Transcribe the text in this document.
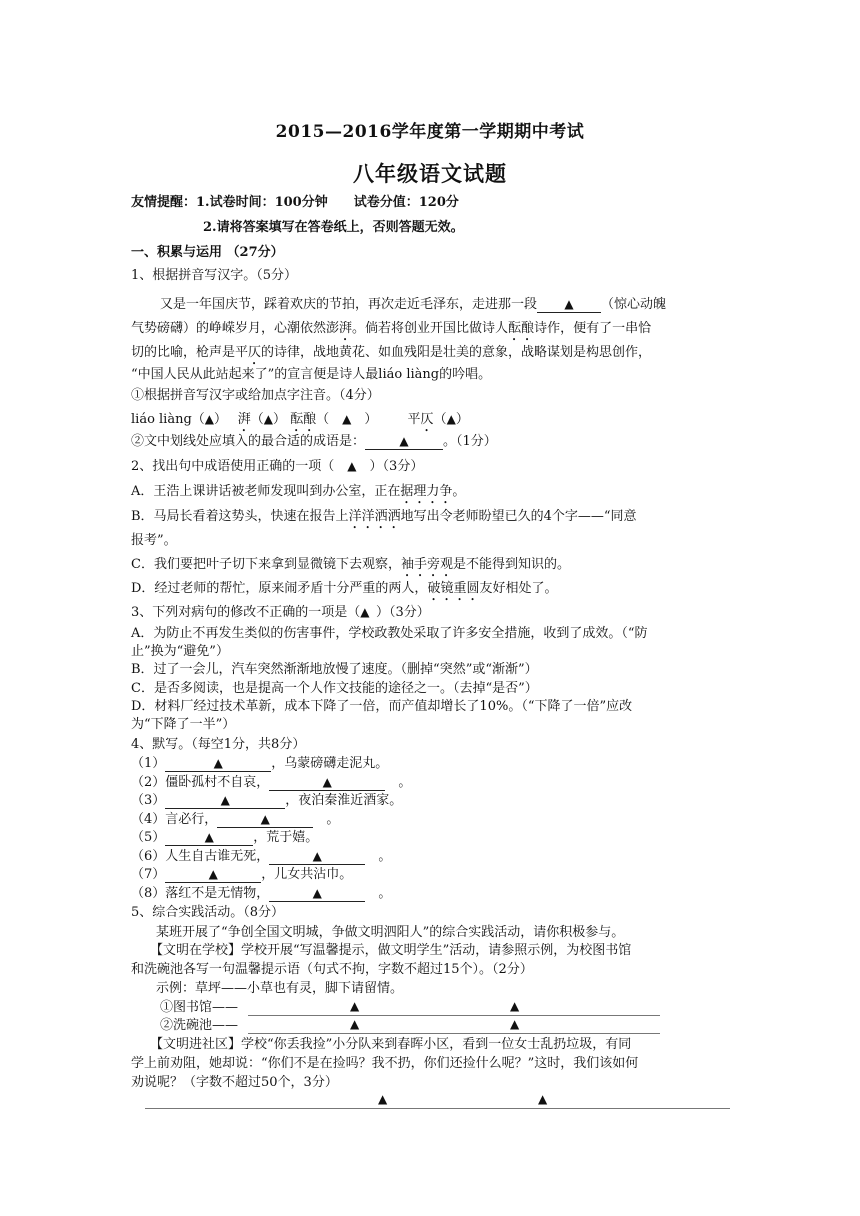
2015—2016学年度第一学期期中考试
八年级语文试题
友情提醒：1.试卷时间：100分钟　　试卷分值：120分
2.请将答案填写在答卷纸上，否则答题无效。
一、积累与运用 （27分）
1、根据拼音写汉字。（5分）
又是一年国庆节，踩着欢庆的节拍，再次走近毛泽东，走进那一段 ▲ （惊心动魄
气势磅礴）的峥嵘岁月，心潮依然澎湃。倘若将创业开国比做诗人酝酿诗作，便有了一串恰
切的比喻，枪声是平仄的诗律，战地黄花、如血残阳是壮美的意象，战略谋划是构思创作，
“中国人民从此站起来了”的宣言便是诗人最liáo liàng的吟唱。
①根据拼音写汉字或给加点字注音。（4分）
liáo liàng（▲）　 湃（▲） 酝酿（　▲　） 　　 平仄（▲）
②文中划线处应填入的最合适的成语是：	▲	。（1分）
2、找出句中成语使用正确的一项（　 ▲　 ）（3分）
A．王浩上课讲话被老师发现叫到办公室，正在据理力争。
B．马局长看着这势头，快速在报告上洋洋洒洒地写出令老师盼望已久的4个字——“同意
报考”。
C．我们要把叶子切下来拿到显微镜下去观察，袖手旁观是不能得到知识的。
D．经过老师的帮忙，原来闹矛盾十分严重的两人，破镜重圆友好相处了。
3、下列对病句的修改不正确的一项是（▲  ）（3分）
A．为防止不再发生类似的伤害事件，学校政教处采取了许多安全措施，收到了成效。（“防
止”换为“避免”）
B．过了一会儿，汽车突然渐渐地放慢了速度。（删掉“突然”或“渐渐”）
C．是否多阅读，也是提高一个人作文技能的途径之一。（去掉“是否”）
D．材料厂经过技术革新，成本下降了一倍，而产值却增长了10%。（“下降了一倍”应改
为“下降了一半”）
4、默写。（每空1分，共8分）
（1）	▲	，乌蒙磅礴走泥丸。
（2）僵卧孤村不自哀，	▲　	。
（3）	▲	，夜泊秦淮近酒家。
（4）言必行，	▲　	。
（5）	▲	，荒于嬉。
（6）人生自古谁无死，	▲　	。
（7）	▲	，儿女共沾巾。
（8）落红不是无情物，	▲　	。
5、综合实践活动。（8分）
某班开展了“争创全国文明城，争做文明泗阳人”的综合实践活动，请你积极参与。
【文明在学校】学校开展“写温馨提示，做文明学生”活动，请参照示例，为校图书馆
和洗碗池各写一句温馨提示语（句式不拘，字数不超过15个）。（2分）
示例：草坪——小草也有灵，脚下请留情。
①图书馆——	▲	▲
②洗碗池——	▲	▲
【文明进社区】学校“你丢我捡”小分队来到春晖小区，看到一位女士乱扔垃圾，有同
学上前劝阻，她却说：“你们不是在捡吗？我不扔，你们还捡什么呢？”这时，我们该如何
劝说呢？（字数不超过50个，3分）
▲	▲
